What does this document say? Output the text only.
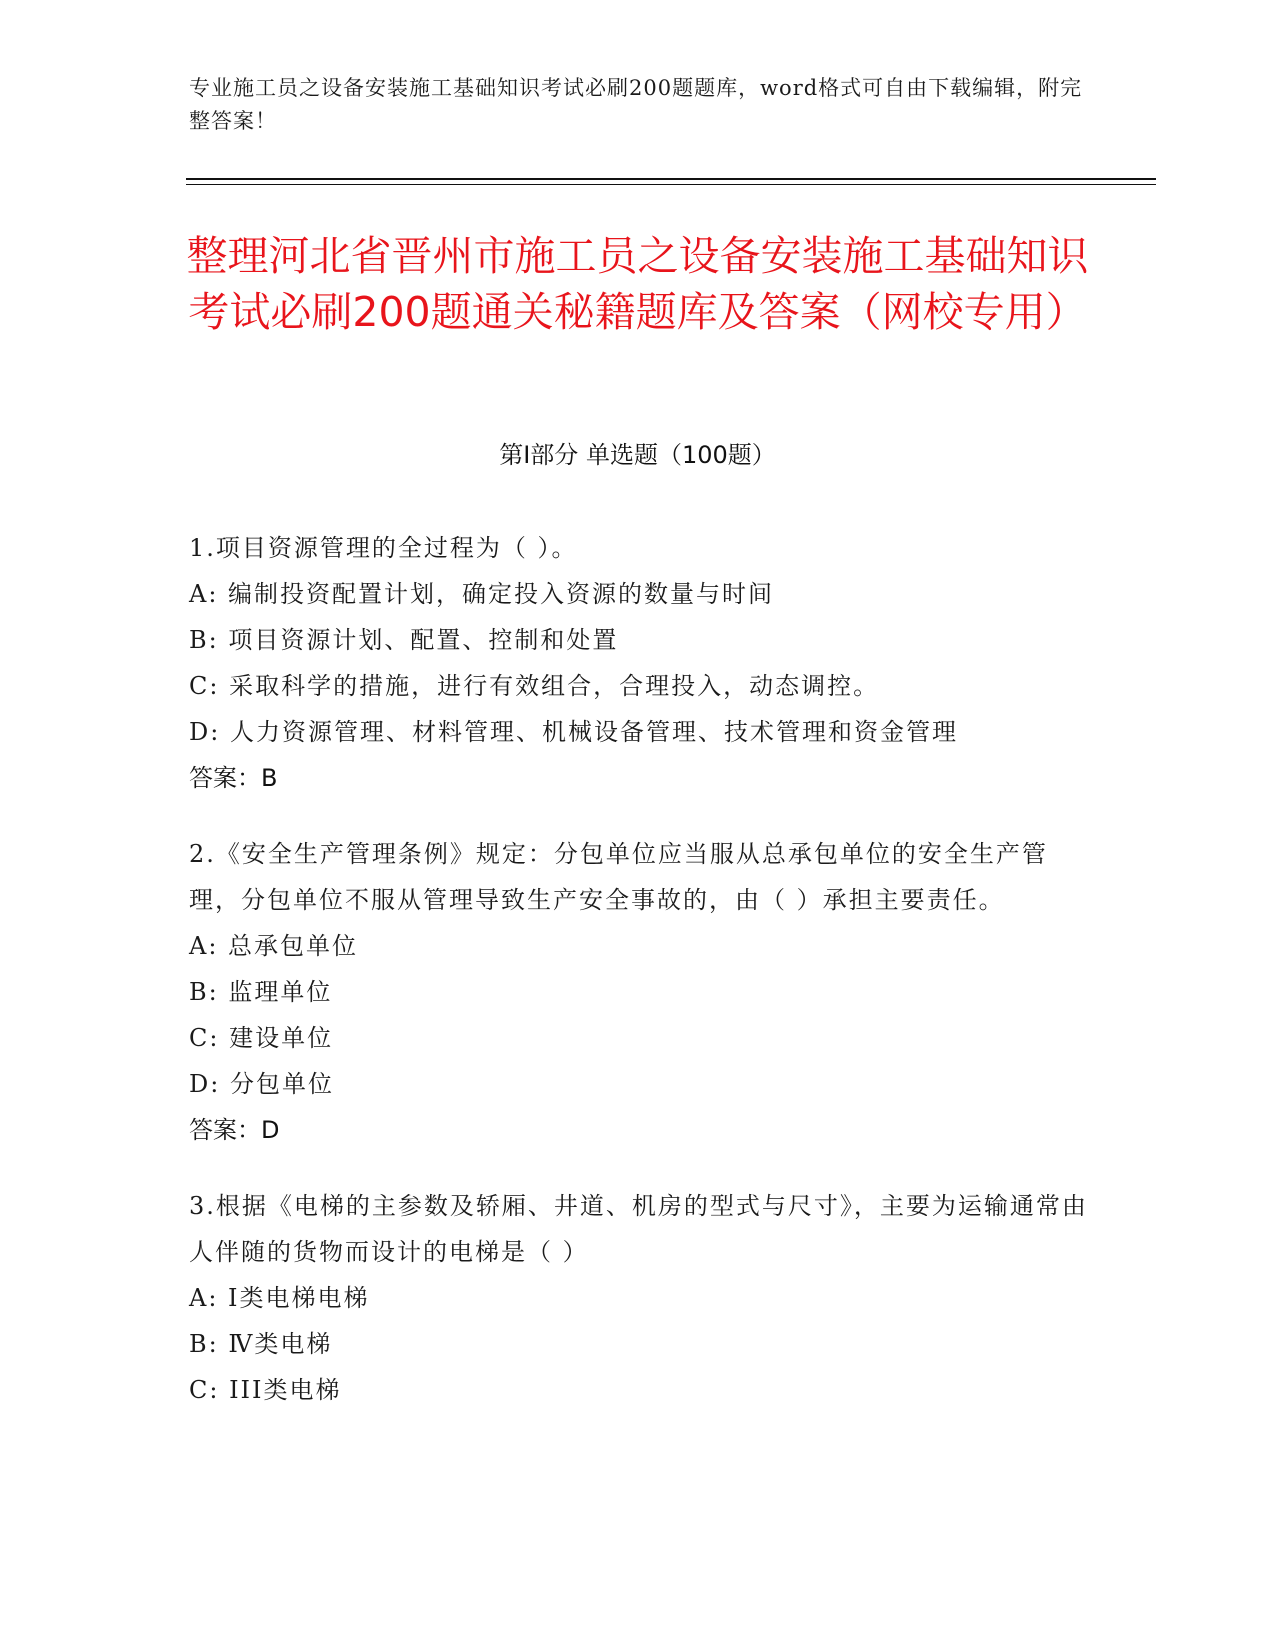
专业施工员之设备安装施工基础知识考试必刷200题题库，word格式可自由下载编辑，附完整答案！
整理河北省晋州市施工员之设备安装施工基础知识考试必刷200题通关秘籍题库及答案（网校专用）
第I部分 单选题（100题）

1.项目资源管理的全过程为（ ）。

A: 编制投资配置计划，确定投入资源的数量与时间

B: 项目资源计划、配置、控制和处置

C: 采取科学的措施，进行有效组合，合理投入，动态调控。

D: 人力资源管理、材料管理、机械设备管理、技术管理和资金管理

答案：B

2.《安全生产管理条例》规定：分包单位应当服从总承包单位的安全生产管理，分包单位不服从管理导致生产安全事故的，由（ ）承担主要责任。

A: 总承包单位

B: 监理单位

C: 建设单位

D: 分包单位

答案：D

3.根据《电梯的主参数及轿厢、井道、机房的型式与尺寸》，主要为运输通常由人伴随的货物而设计的电梯是（ ）

A: Ⅰ类电梯电梯

B: Ⅳ类电梯

C: III类电梯
